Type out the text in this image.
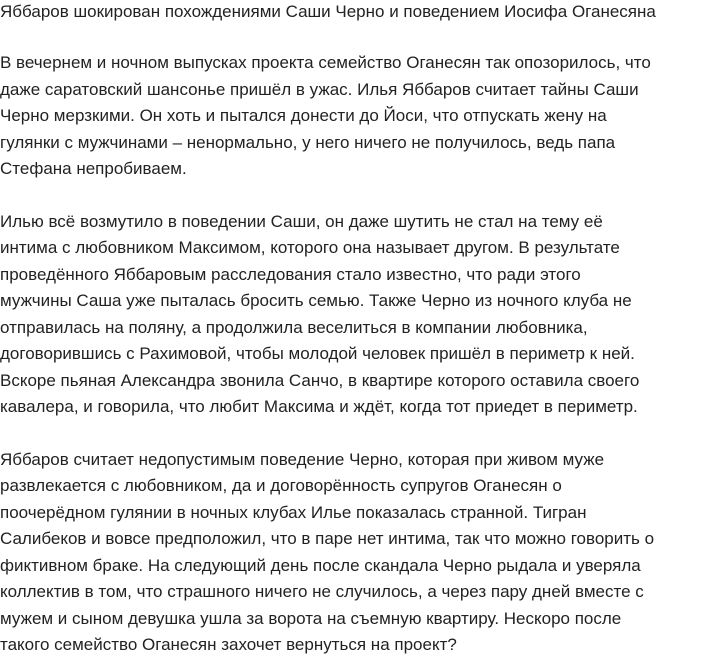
Яббаров шокирован похождениями Саши Черно и поведением Иосифа Оганесяна

В вечернем и ночном выпусках проекта семейство Оганесян так опозорилось, что
даже саратовский шансонье пришёл в ужас. Илья Яббаров считает тайны Саши
Черно мерзкими. Он хоть и пытался донести до Йоси, что отпускать жену на
гулянки с мужчинами – ненормально, у него ничего не получилось, ведь папа
Стефана непробиваем.

Илью всё возмутило в поведении Саши, он даже шутить не стал на тему её
интима с любовником Максимом, которого она называет другом. В результате
проведённого Яббаровым расследования стало известно, что ради этого
мужчины Саша уже пыталась бросить семью. Также Черно из ночного клуба не
отправилась на поляну, а продолжила веселиться в компании любовника,
договорившись с Рахимовой, чтобы молодой человек пришёл в периметр к ней.
Вскоре пьяная Александра звонила Санчо, в квартире которого оставила своего
кавалера, и говорила, что любит Максима и ждёт, когда тот приедет в периметр.

Яббаров считает недопустимым поведение Черно, которая при живом муже
развлекается с любовником, да и договорённость супругов Оганесян о
поочерёдном гулянии в ночных клубах Илье показалась странной. Тигран
Салибеков и вовсе предположил, что в паре нет интима, так что можно говорить о
фиктивном браке. На следующий день после скандала Черно рыдала и уверяла
коллектив в том, что страшного ничего не случилось, а через пару дней вместе с
мужем и сыном девушка ушла за ворота на съемную квартиру. Нескоро после
такого семейство Оганесян захочет вернуться на проект?
